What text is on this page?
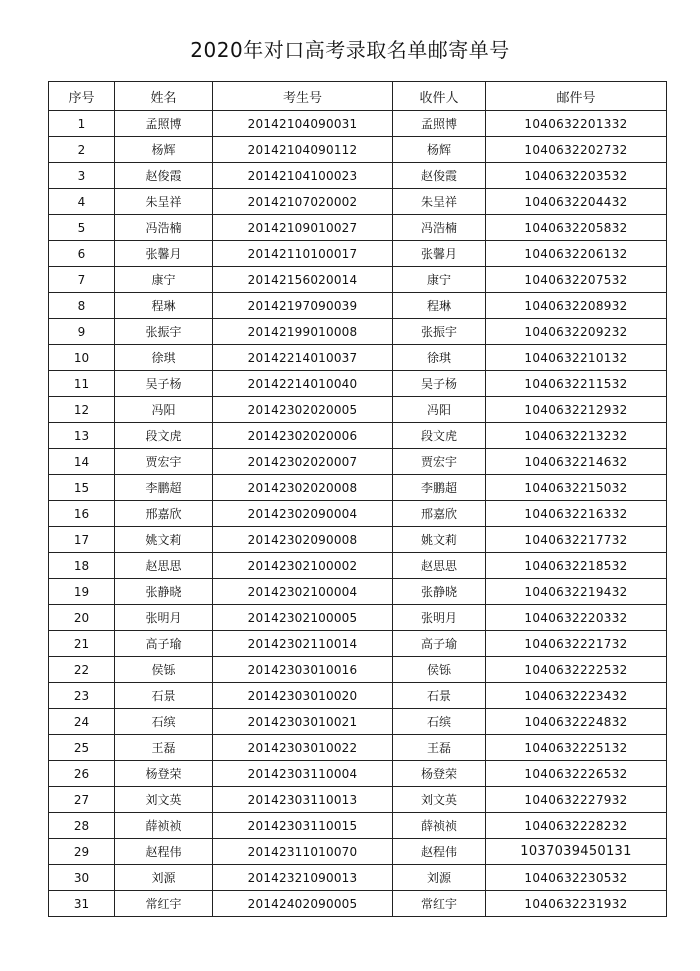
2020年对口高考录取名单邮寄单号
序号	姓名	考生号	收件人	邮件号
1	孟照博	20142104090031	孟照博	1040632201332
2	杨辉	20142104090112	杨辉	1040632202732
3	赵俊霞	20142104100023	赵俊霞	1040632203532
4	朱呈祥	20142107020002	朱呈祥	1040632204432
5	冯浩楠	20142109010027	冯浩楠	1040632205832
6	张馨月	20142110100017	张馨月	1040632206132
7	康宁	20142156020014	康宁	1040632207532
8	程琳	20142197090039	程琳	1040632208932
9	张振宇	20142199010008	张振宇	1040632209232
10	徐琪	20142214010037	徐琪	1040632210132
11	吴子杨	20142214010040	吴子杨	1040632211532
12	冯阳	20142302020005	冯阳	1040632212932
13	段文虎	20142302020006	段文虎	1040632213232
14	贾宏宇	20142302020007	贾宏宇	1040632214632
15	李鹏超	20142302020008	李鹏超	1040632215032
16	邢嘉欣	20142302090004	邢嘉欣	1040632216332
17	姚文莉	20142302090008	姚文莉	1040632217732
18	赵思思	20142302100002	赵思思	1040632218532
19	张静晓	20142302100004	张静晓	1040632219432
20	张明月	20142302100005	张明月	1040632220332
21	高子瑜	20142302110014	高子瑜	1040632221732
22	侯铄	20142303010016	侯铄	1040632222532
23	石景	20142303010020	石景	1040632223432
24	石缤	20142303010021	石缤	1040632224832
25	王磊	20142303010022	王磊	1040632225132
26	杨登荣	20142303110004	杨登荣	1040632226532
27	刘文英	20142303110013	刘文英	1040632227932
28	薛祯祯	20142303110015	薛祯祯	1040632228232
29	赵程伟	20142311010070	赵程伟	1037039450131
30	刘源	20142321090013	刘源	1040632230532
31	常红宇	20142402090005	常红宇	1040632231932
